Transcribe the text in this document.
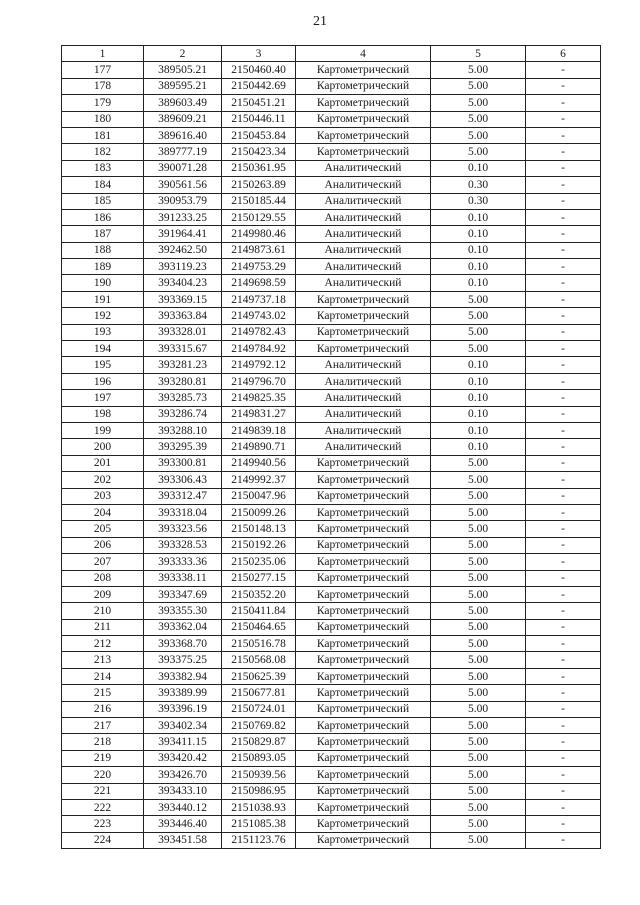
21
1	2	3	4	5	6
177	389505.21	2150460.40	Картометрический	5.00	-
178	389595.21	2150442.69	Картометрический	5.00	-
179	389603.49	2150451.21	Картометрический	5.00	-
180	389609.21	2150446.11	Картометрический	5.00	-
181	389616.40	2150453.84	Картометрический	5.00	-
182	389777.19	2150423.34	Картометрический	5.00	-
183	390071.28	2150361.95	Аналитический	0.10	-
184	390561.56	2150263.89	Аналитический	0.30	-
185	390953.79	2150185.44	Аналитический	0.30	-
186	391233.25	2150129.55	Аналитический	0.10	-
187	391964.41	2149980.46	Аналитический	0.10	-
188	392462.50	2149873.61	Аналитический	0.10	-
189	393119.23	2149753.29	Аналитический	0.10	-
190	393404.23	2149698.59	Аналитический	0.10	-
191	393369.15	2149737.18	Картометрический	5.00	-
192	393363.84	2149743.02	Картометрический	5.00	-
193	393328.01	2149782.43	Картометрический	5.00	-
194	393315.67	2149784.92	Картометрический	5.00	-
195	393281.23	2149792.12	Аналитический	0.10	-
196	393280.81	2149796.70	Аналитический	0.10	-
197	393285.73	2149825.35	Аналитический	0.10	-
198	393286.74	2149831.27	Аналитический	0.10	-
199	393288.10	2149839.18	Аналитический	0.10	-
200	393295.39	2149890.71	Аналитический	0.10	-
201	393300.81	2149940.56	Картометрический	5.00	-
202	393306.43	2149992.37	Картометрический	5.00	-
203	393312.47	2150047.96	Картометрический	5.00	-
204	393318.04	2150099.26	Картометрический	5.00	-
205	393323.56	2150148.13	Картометрический	5.00	-
206	393328.53	2150192.26	Картометрический	5.00	-
207	393333.36	2150235.06	Картометрический	5.00	-
208	393338.11	2150277.15	Картометрический	5.00	-
209	393347.69	2150352.20	Картометрический	5.00	-
210	393355.30	2150411.84	Картометрический	5.00	-
211	393362.04	2150464.65	Картометрический	5.00	-
212	393368.70	2150516.78	Картометрический	5.00	-
213	393375.25	2150568.08	Картометрический	5.00	-
214	393382.94	2150625.39	Картометрический	5.00	-
215	393389.99	2150677.81	Картометрический	5.00	-
216	393396.19	2150724.01	Картометрический	5.00	-
217	393402.34	2150769.82	Картометрический	5.00	-
218	393411.15	2150829.87	Картометрический	5.00	-
219	393420.42	2150893.05	Картометрический	5.00	-
220	393426.70	2150939.56	Картометрический	5.00	-
221	393433.10	2150986.95	Картометрический	5.00	-
222	393440.12	2151038.93	Картометрический	5.00	-
223	393446.40	2151085.38	Картометрический	5.00	-
224	393451.58	2151123.76	Картометрический	5.00	-
